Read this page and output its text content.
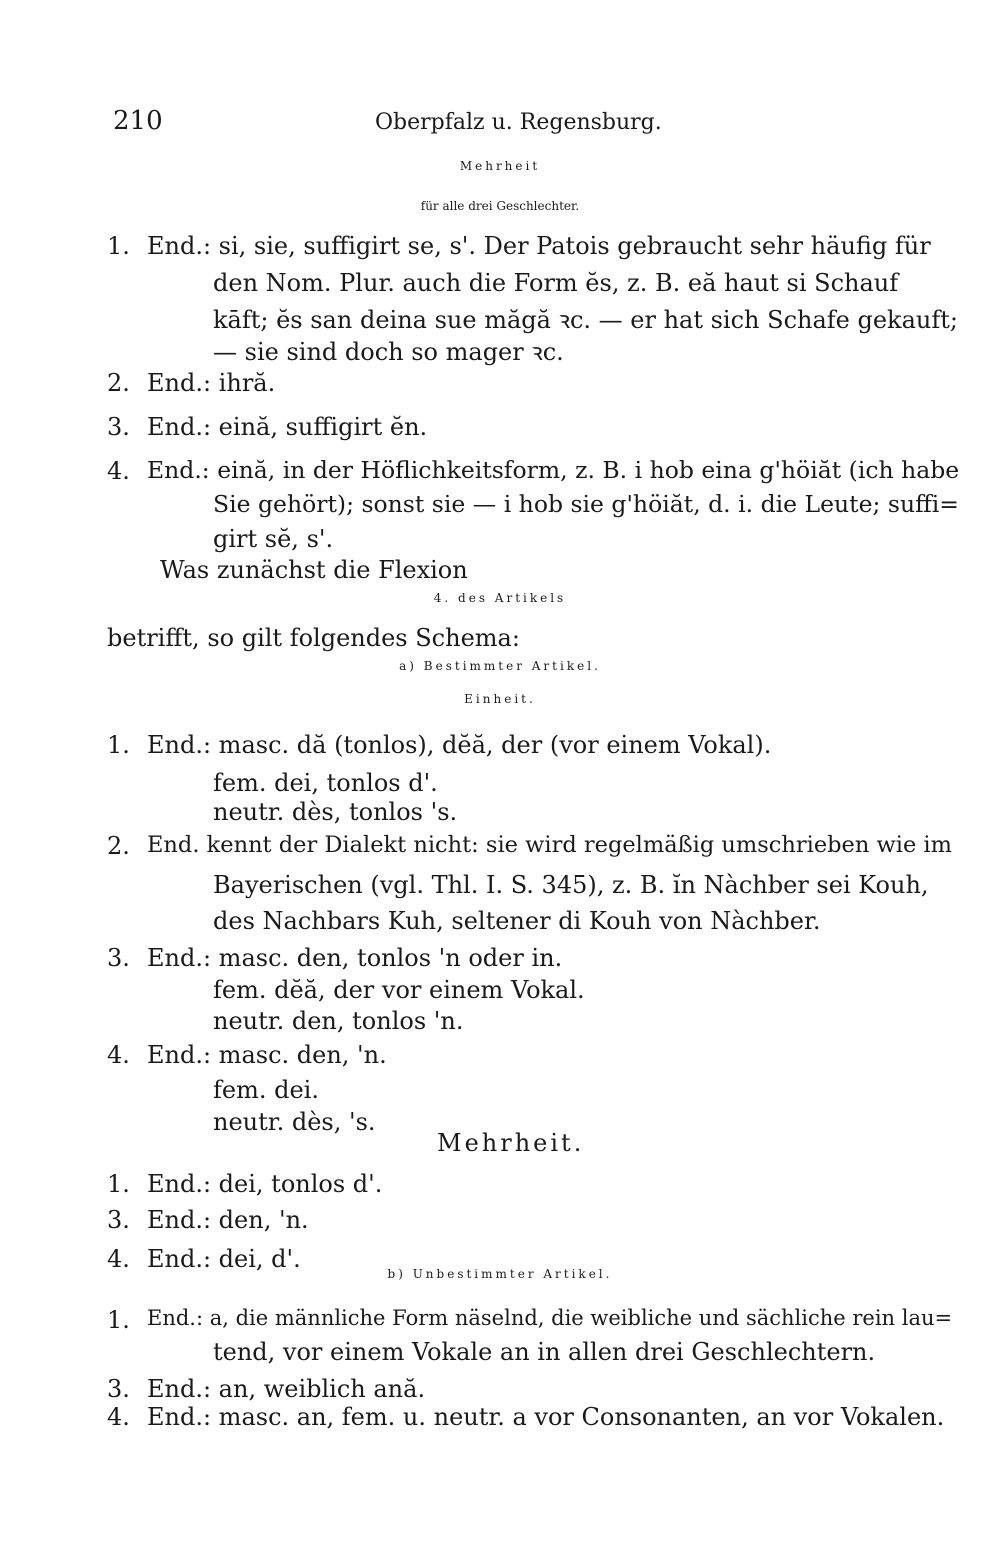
210	Oberpfalz u. Regensburg.
Mehrheit
für alle drei Geschlechter.
1. End.: si, sie, suffigirt se, s'. Der Patois gebraucht sehr häufig für
den Nom. Plur. auch die Form ĕs, z. B. eă haut si Schauf
kāft; ĕs san deina sue măgă ꝛc. — er hat sich Schafe gekauft;
— sie sind doch so mager ꝛc.
2. End.: ihră.
3. End.: eină, suffigirt ĕn.
4. End.: eină, in der Höflichkeitsform, z. B. i hob eina g'höiăt (ich habe
Sie gehört); sonst sie — i hob sie g'höiăt, d. i. die Leute; suffi=
girt sĕ, s'.
Was zunächst die Flexion
4. des Artikels
betrifft, so gilt folgendes Schema:
a) Bestimmter Artikel.
Einheit.
1. End.: masc. dă (tonlos), dĕă, der (vor einem Vokal).
fem. dei, tonlos d'.
neutr. dès, tonlos 's.
2. End. kennt der Dialekt nicht: sie wird regelmäßig umschrieben wie im
Bayerischen (vgl. Thl. I. S. 345), z. B. ĭn Nàchber sei Kouh,
des Nachbars Kuh, seltener di Kouh von Nàchber.
3. End.: masc. den, tonlos 'n oder in.
fem. dĕă, der vor einem Vokal.
neutr. den, tonlos 'n.
4. End.: masc. den, 'n.
fem. dei.
neutr. dès, 's.
Mehrheit.
1. End.: dei, tonlos d'.
3. End.: den, 'n.
4. End.: dei, d'.
b) Unbestimmter Artikel.
1. End.: a, die männliche Form näselnd, die weibliche und sächliche rein lau=
tend, vor einem Vokale an in allen drei Geschlechtern.
3. End.: an, weiblich ană.
4. End.: masc. an, fem. u. neutr. a vor Consonanten, an vor Vokalen.
